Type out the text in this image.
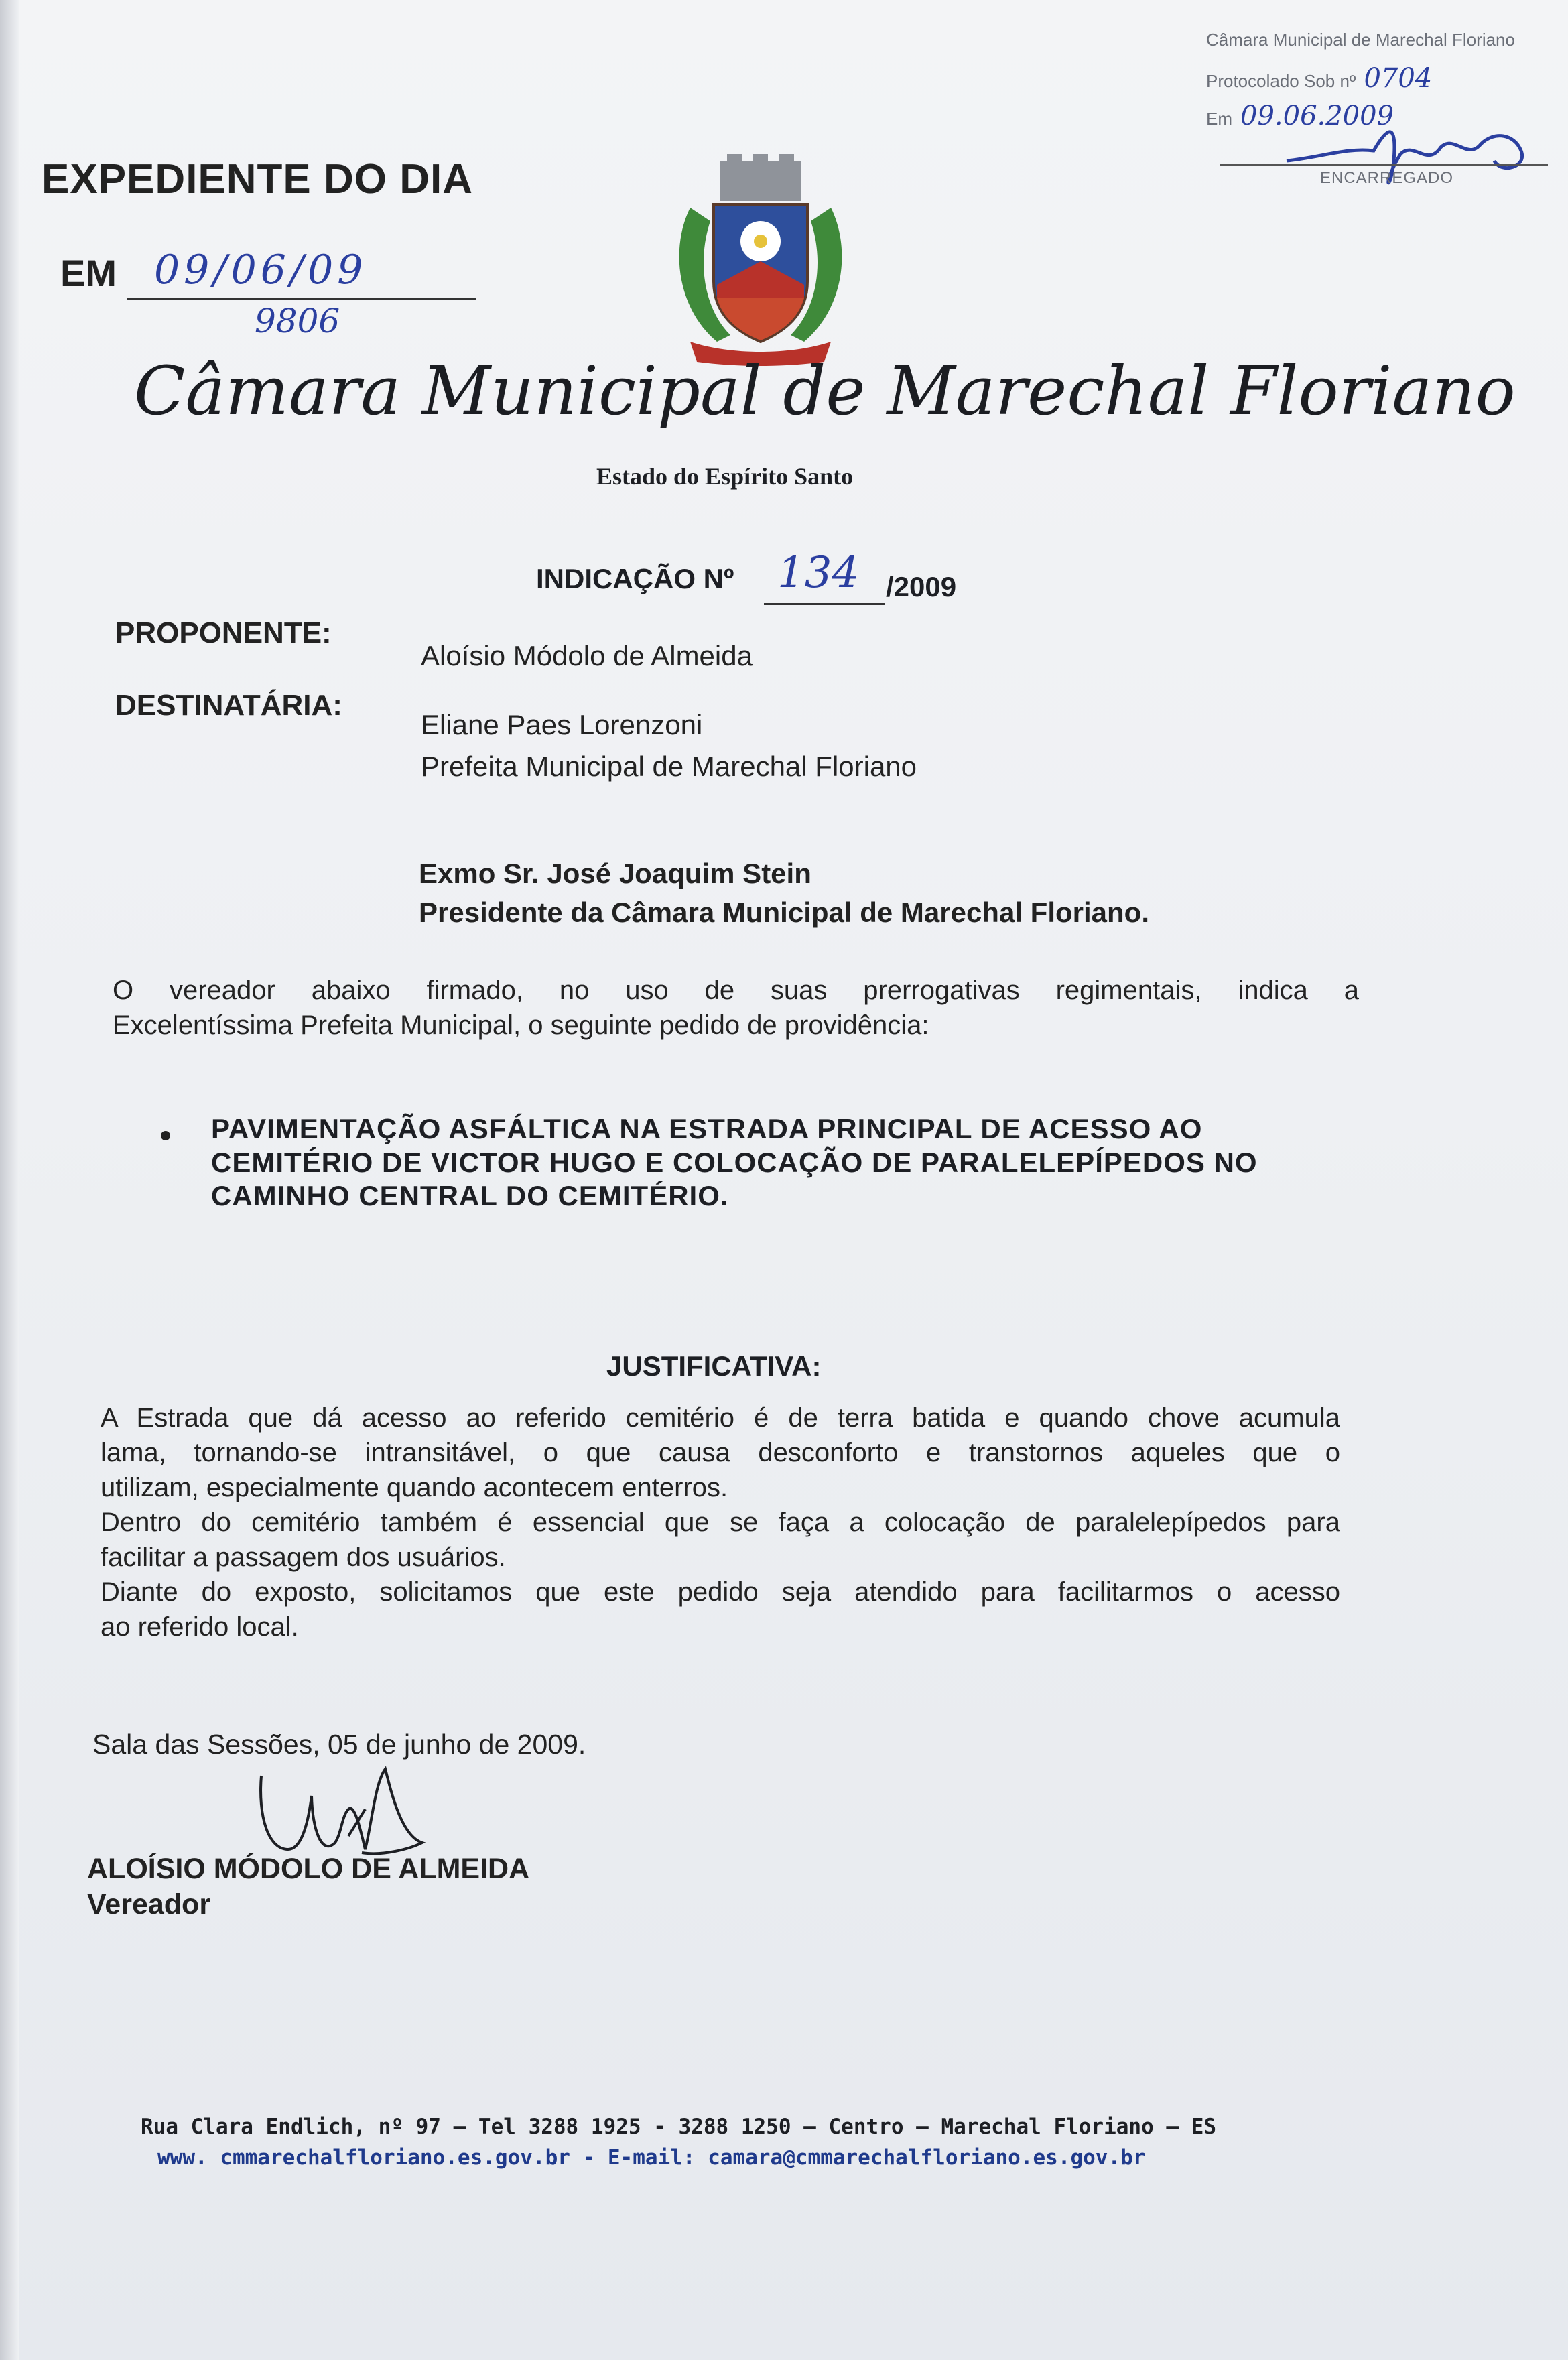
Câmara Municipal de Marechal Floriano
Protocolado Sob nº 0704
Em 09.06.2009
ENCARREGADO
EXPEDIENTE DO DIA
EM 09/06/09
9806
Câmara Municipal de Marechal Floriano
Estado do Espírito Santo
INDICAÇÃO Nº 134 /2009
PROPONENTE:
Aloísio Módolo de Almeida
DESTINATÁRIA:
Eliane Paes Lorenzoni
Prefeita Municipal de Marechal Floriano
Exmo Sr. José Joaquim Stein
Presidente da Câmara Municipal de Marechal Floriano.
O vereador abaixo firmado, no uso de suas prerrogativas regimentais, indica a
Excelentíssima Prefeita Municipal, o seguinte pedido de providência:
PAVIMENTAÇÃO ASFÁLTICA NA ESTRADA PRINCIPAL DE ACESSO AO
CEMITÉRIO DE VICTOR HUGO E COLOCAÇÃO DE PARALELEPÍPEDOS NO
CAMINHO CENTRAL DO CEMITÉRIO.
JUSTIFICATIVA:
A Estrada que dá acesso ao referido cemitério é de terra batida e quando chove acumula
lama, tornando-se intransitável, o que causa desconforto e transtornos aqueles que o
utilizam, especialmente quando acontecem enterros.
Dentro do cemitério também é essencial que se faça a colocação de paralelepípedos para
facilitar a passagem dos usuários.
Diante do exposto, solicitamos que este pedido seja atendido para facilitarmos o acesso
ao referido local.
Sala das Sessões, 05 de junho de 2009.
ALOÍSIO MÓDOLO DE ALMEIDA
Vereador
Rua Clara Endlich, nº 97 – Tel 3288 1925 - 3288 1250 – Centro – Marechal Floriano – ES
www. cmmarechalfloriano.es.gov.br - E-mail: camara@cmmarechalfloriano.es.gov.br
